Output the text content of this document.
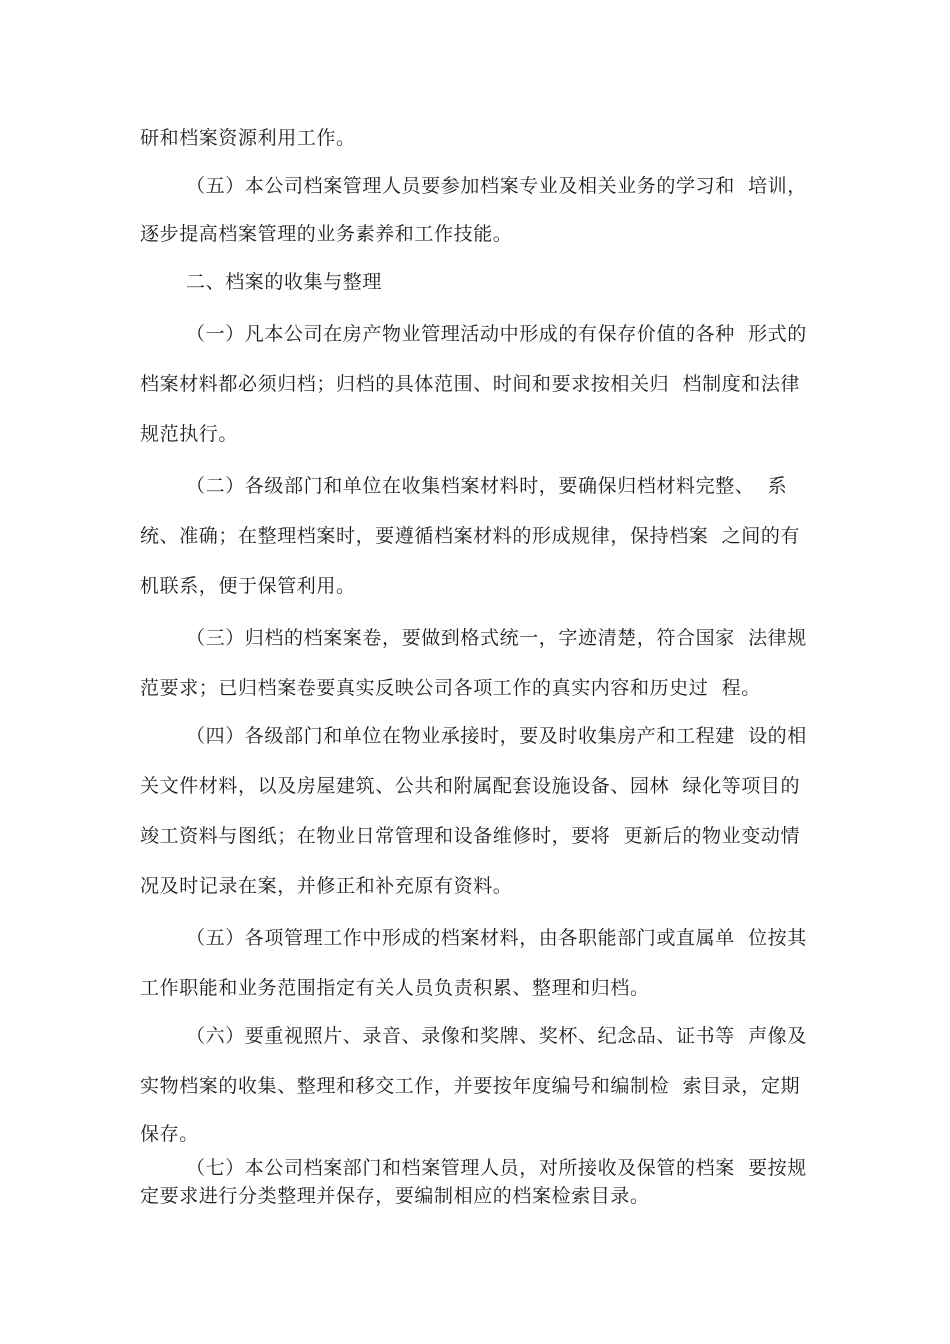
研和档案资源利用工作。
（五）本公司档案管理人员要参加档案专业及相关业务的学习和  培训，
逐步提高档案管理的业务素养和工作技能。
二、档案的收集与整理
（一）凡本公司在房产物业管理活动中形成的有保存价值的各种  形式的
档案材料都必须归档；归档的具体范围、时间和要求按相关归  档制度和法律
规范执行。
（二）各级部门和单位在收集档案材料时，要确保归档材料完整、  系
统、准确；在整理档案时，要遵循档案材料的形成规律，保持档案  之间的有
机联系，便于保管利用。
（三）归档的档案案卷，要做到格式统一，字迹清楚，符合国家  法律规
范要求；已归档案卷要真实反映公司各项工作的真实内容和历史过  程。
（四）各级部门和单位在物业承接时，要及时收集房产和工程建  设的相
关文件材料，以及房屋建筑、公共和附属配套设施设备、园林  绿化等项目的
竣工资料与图纸；在物业日常管理和设备维修时，要将  更新后的物业变动情
况及时记录在案，并修正和补充原有资料。
（五）各项管理工作中形成的档案材料，由各职能部门或直属单  位按其
工作职能和业务范围指定有关人员负责积累、整理和归档。
（六）要重视照片、录音、录像和奖牌、奖杯、纪念品、证书等  声像及
实物档案的收集、整理和移交工作，并要按年度编号和编制检  索目录，定期
保存。
（七）本公司档案部门和档案管理人员，对所接收及保管的档案  要按规
定要求进行分类整理并保存，要编制相应的档案检索目录。
